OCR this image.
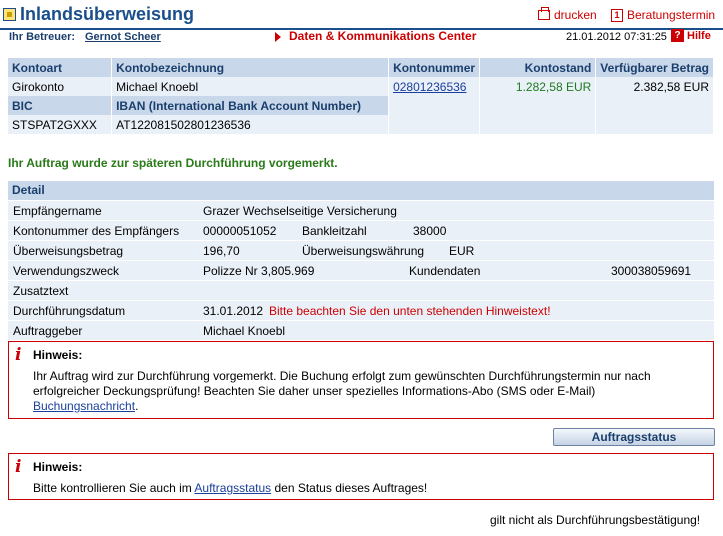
Inlandsüberweisung	drucken	1 Beratungstermin
Ihr Betreuer: Gernot Scheer	Daten & Kommunikations Center	21.01.2012 07:31:25 ? Hilfe
Kontoart	Kontobezeichnung	Kontonummer	Kontostand	Verfügbarer Betrag
Girokonto	Michael Knoebl	02801236536	1.282,58 EUR	2.382,58 EUR
BIC	IBAN (International Bank Account Number)			
STSPAT2GXXX	AT122081502801236536			
Ihr Auftrag wurde zur späteren Durchführung vorgemerkt.
Detail
Empfängername	Grazer Wechselseitige Versicherung
Kontonummer des Empfängers 00000051052 Bankleitzahl	38000
Überweisungsbetrag	196,70	Überweisungswährung EUR
Verwendungszweck	Polizze Nr 3,805.969	Kundendaten	300038059691
Zusatztext
Durchführungsdatum	31.01.2012 Bitte beachten Sie den unten stehenden Hinweistext!
Auftraggeber	Michael Knoebl
i Hinweis:
Ihr Auftrag wird zur Durchführung vorgemerkt. Die Buchung erfolgt zum gewünschten Durchführungstermin nur nach erfolgreicher Deckungsprüfung! Beachten Sie daher unser spezielles Informations-Abo (SMS oder E-Mail)
Buchungsnachricht.
Auftragsstatus
i Hinweis:
Bitte kontrollieren Sie auch im Auftragsstatus den Status dieses Auftrages!
gilt nicht als Durchführungsbestätigung!
